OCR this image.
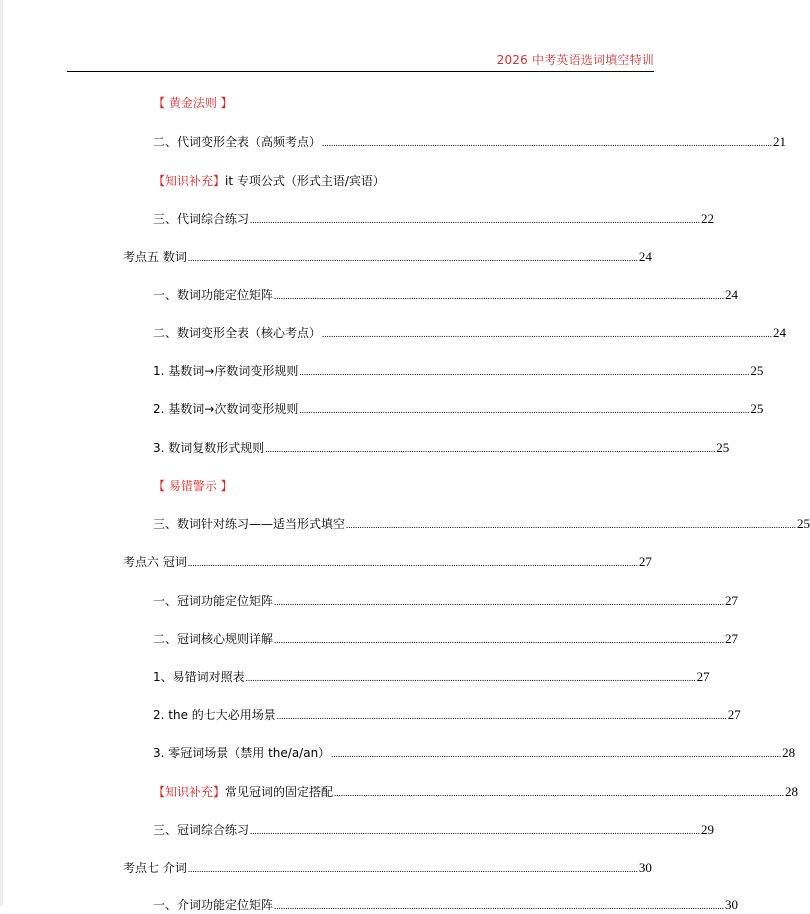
2026 中考英语选词填空特训
【 黄金法则 】
二、代词变形全表（高频考点） ........................................................................................................................................................................................................ 21
【知识补充】 it 专项公式（形式主语/宾语）
三、代词综合练习 ........................................................................................................................................................................................................ 22
考点五 数词 ........................................................................................................................................................................................................ 24
一、数词功能定位矩阵 ........................................................................................................................................................................................................ 24
二、数词变形全表（核心考点） ........................................................................................................................................................................................................ 24
1. 基数词→序数词变形规则 ........................................................................................................................................................................................................ 25
2. 基数词→次数词变形规则 ........................................................................................................................................................................................................ 25
3. 数词复数形式规则 ........................................................................................................................................................................................................ 25
【 易错警示 】
三、数词针对练习——适当形式填空 ........................................................................................................................................................................................................ 25
考点六 冠词 ........................................................................................................................................................................................................ 27
一、冠词功能定位矩阵 ........................................................................................................................................................................................................ 27
二、冠词核心规则详解 ........................................................................................................................................................................................................ 27
1、易错词对照表 ........................................................................................................................................................................................................ 27
2. the 的七大必用场景 ........................................................................................................................................................................................................ 27
3. 零冠词场景（禁用 the/a/an） ........................................................................................................................................................................................................ 28
【知识补充】 常见冠词的固定搭配 ........................................................................................................................................................................................................ 28
三、冠词综合练习 ........................................................................................................................................................................................................ 29
考点七 介词 ........................................................................................................................................................................................................ 30
一、介词功能定位矩阵 ........................................................................................................................................................................................................ 30
